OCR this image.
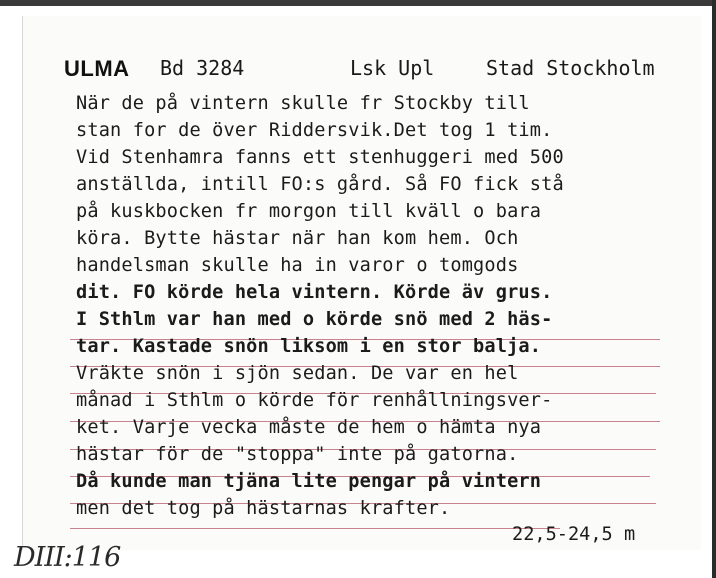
ULMA Bd 3284	Lsk Upl	Stad Stockholm
När de på vintern skulle fr Stockby till
stan for de över Riddersvik.Det tog 1 tim.
Vid Stenhamra fanns ett stenhuggeri med 500
anställda, intill FO:s gård. Så FO fick stå
på kuskbocken fr morgon till kväll o bara
köra. Bytte hästar när han kom hem. Och
handelsman skulle ha in varor o tomgods
dit. FO körde hela vintern. Körde äv grus.
I Sthlm var han med o körde snö med 2 häs-
tar. Kastade snön liksom i en stor balja.
Vräkte snön i sjön sedan. De var en hel
månad i Sthlm o körde för renhållningsver-
ket. Varje vecka måste de hem o hämta nya
hästar för de "stoppa" inte på gatorna.
Då kunde man tjäna lite pengar på vintern
men det tog på hästarnas krafter.
22,5-24,5 m
DIII:116
